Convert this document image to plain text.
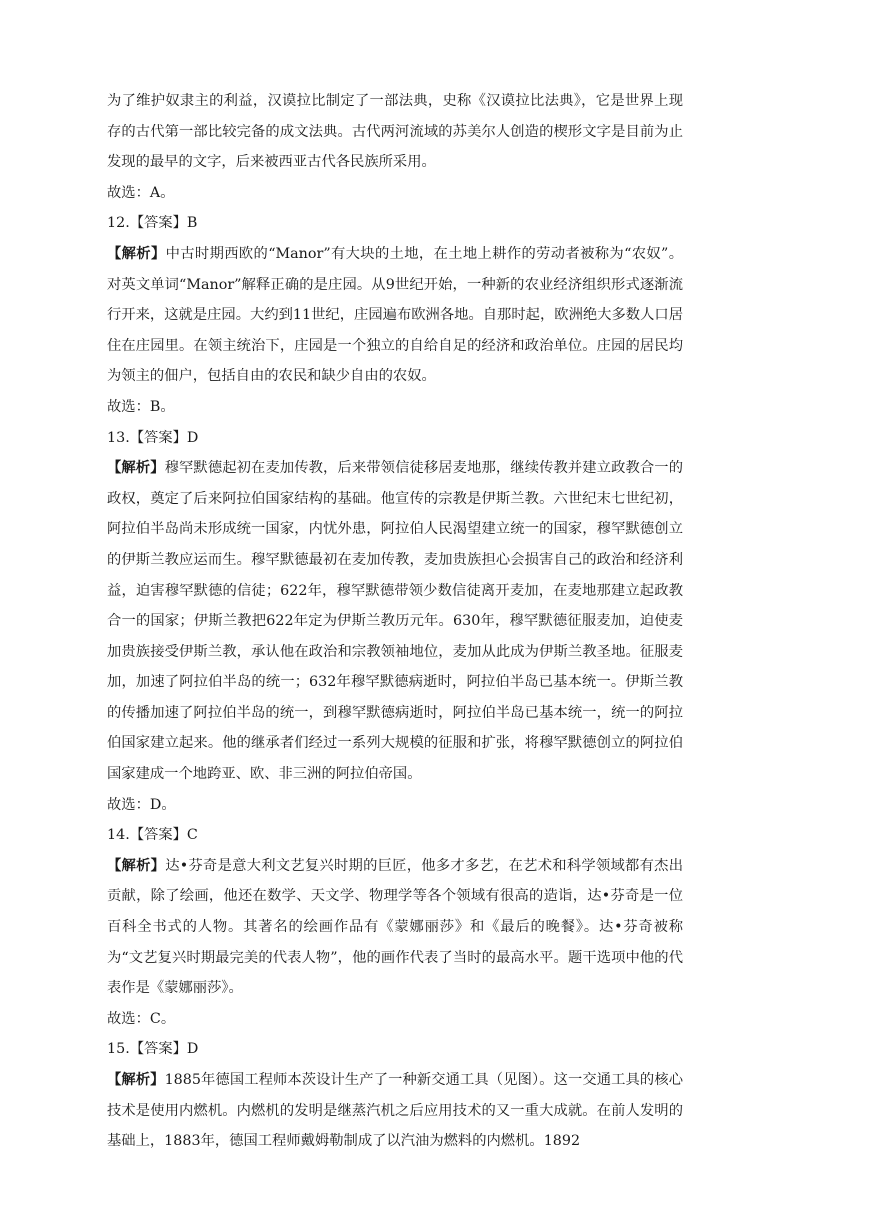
为了维护奴隶主的利益，汉谟拉比制定了一部法典，史称《汉谟拉比法典》，它是世界上现存的古代第一部比较完备的成文法典。古代两河流域的苏美尔人创造的楔形文字是目前为止发现的最早的文字，后来被西亚古代各民族所采用。

故选：A。

12.【答案】B

【解析】中古时期西欧的“Manor”有大块的土地，在土地上耕作的劳动者被称为“农奴”。对英文单词“Manor”解释正确的是庄园。从9世纪开始，一种新的农业经济组织形式逐渐流行开来，这就是庄园。大约到11世纪，庄园遍布欧洲各地。自那时起，欧洲绝大多数人口居住在庄园里。在领主统治下，庄园是一个独立的自给自足的经济和政治单位。庄园的居民均为领主的佃户，包括自由的农民和缺少自由的农奴。

故选：B。

13.【答案】D

【解析】穆罕默德起初在麦加传教，后来带领信徒移居麦地那，继续传教并建立政教合一的政权，奠定了后来阿拉伯国家结构的基础。他宣传的宗教是伊斯兰教。六世纪末七世纪初，阿拉伯半岛尚未形成统一国家，内忧外患，阿拉伯人民渴望建立统一的国家，穆罕默德创立的伊斯兰教应运而生。穆罕默德最初在麦加传教，麦加贵族担心会损害自己的政治和经济利益，迫害穆罕默德的信徒；622年，穆罕默德带领少数信徒离开麦加，在麦地那建立起政教合一的国家；伊斯兰教把622年定为伊斯兰教历元年。630年，穆罕默德征服麦加，迫使麦加贵族接受伊斯兰教，承认他在政治和宗教领袖地位，麦加从此成为伊斯兰教圣地。征服麦加，加速了阿拉伯半岛的统一；632年穆罕默德病逝时，阿拉伯半岛已基本统一。伊斯兰教的传播加速了阿拉伯半岛的统一，到穆罕默德病逝时，阿拉伯半岛已基本统一，统一的阿拉伯国家建立起来。他的继承者们经过一系列大规模的征服和扩张，将穆罕默德创立的阿拉伯国家建成一个地跨亚、欧、非三洲的阿拉伯帝国。

故选：D。

14.【答案】C

【解析】达•芬奇是意大利文艺复兴时期的巨匠，他多才多艺，在艺术和科学领域都有杰出贡献，除了绘画，他还在数学、天文学、物理学等各个领域有很高的造诣，达•芬奇是一位百科全书式的人物。其著名的绘画作品有《蒙娜丽莎》和《最后的晚餐》。达•芬奇被称为“文艺复兴时期最完美的代表人物”，他的画作代表了当时的最高水平。题干选项中他的代表作是《蒙娜丽莎》。

故选：C。

15.【答案】D

【解析】1885年德国工程师本茨设计生产了一种新交通工具（见图）。这一交通工具的核心技术是使用内燃机。内燃机的发明是继蒸汽机之后应用技术的又一重大成就。在前人发明的基础上，1883年，德国工程师戴姆勒制成了以汽油为燃料的内燃机。1892
